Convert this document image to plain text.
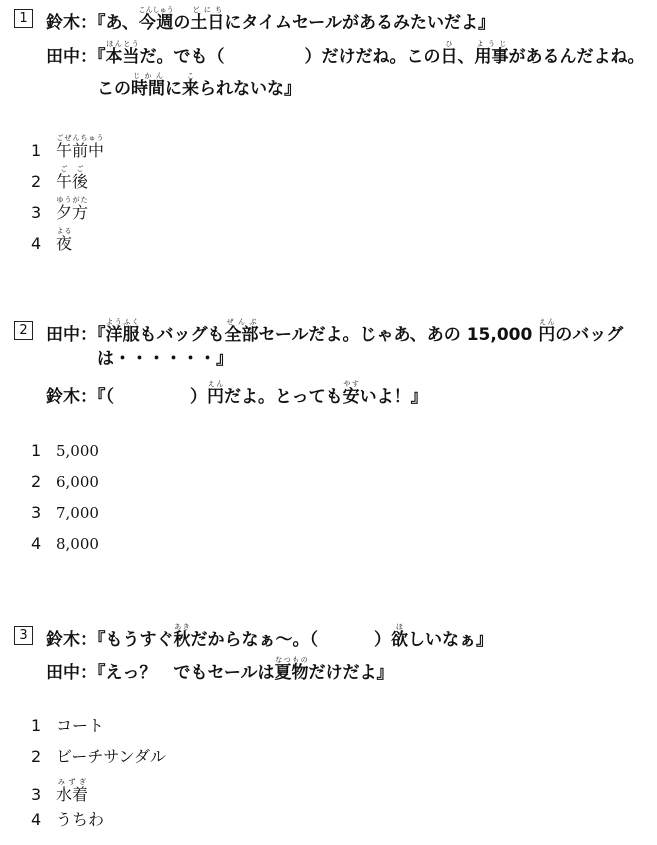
1	鈴木：『あ、今週こんしゅうの土日どにちにタイムセールがあるみたいだよ』
田中：『本当ほんとうだ。でも（	）だけだね。この日ひ、用事ようじがあるんだよね。
この時間じかんに来こられないな』
1 午前中ごぜんちゅう
2 午後ごご
3 夕方ゆうがた
4 夜よる
2	田中：『洋服ようふくもバッグも全部ぜんぶセールだよ。じゃあ、あの 15,000 円えんのバッグ
は・・・・・・』
鈴木：『（	）円えんだよ。とっても安やすいよ！』
1 5,000
2 6,000
3 7,000
4 8,000
3	鈴木：『もうすぐ秋あきだからなぁ〜。（	）欲ほしいなぁ』
田中：『えっ？　でもセールは夏物なつものだけだよ』
1 コート
2 ビーチサンダル
3 水着みずぎ
4 うちわ
